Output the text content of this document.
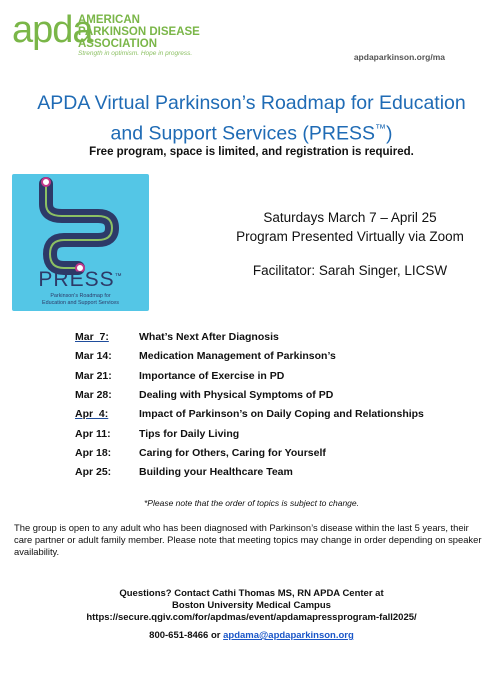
apda
AMERICAN
PARKINSON DISEASE
ASSOCIATION
Strength in optimism. Hope in progress.	apdaparkinson.org/ma
APDA Virtual Parkinson’s Roadmap for Education
and Support Services (PRESS™)
Free program, space is limited, and registration is required.
PRESS™
Parkinson's Roadmap for
Education and Support Services
Saturdays March 7 – April 25
Program Presented Virtually via Zoom
Facilitator: Sarah Singer, LICSW
Mar  7:	What’s Next After Diagnosis
Mar 14:	Medication Management of Parkinson’s
Mar 21:	Importance of Exercise in PD
Mar 28:	Dealing with Physical Symptoms of PD
Apr  4:	Impact of Parkinson’s on Daily Coping and Relationships
Apr 11:	Tips for Daily Living
Apr 18:	Caring for Others, Caring for Yourself
Apr 25:	Building your Healthcare Team
*Please note that the order of topics is subject to change.
The group is open to any adult who has been diagnosed with Parkinson’s disease within the last 5 years, their care partner or adult family member. Please note that meeting topics may change in order depending on speaker availability.
Questions? Contact Cathi Thomas MS, RN APDA Center at
Boston University Medical Campus
https://secure.qgiv.com/for/apdmas/event/apdamapressprogram-fall2025/
800-651-8466 or apdama@apdaparkinson.org
